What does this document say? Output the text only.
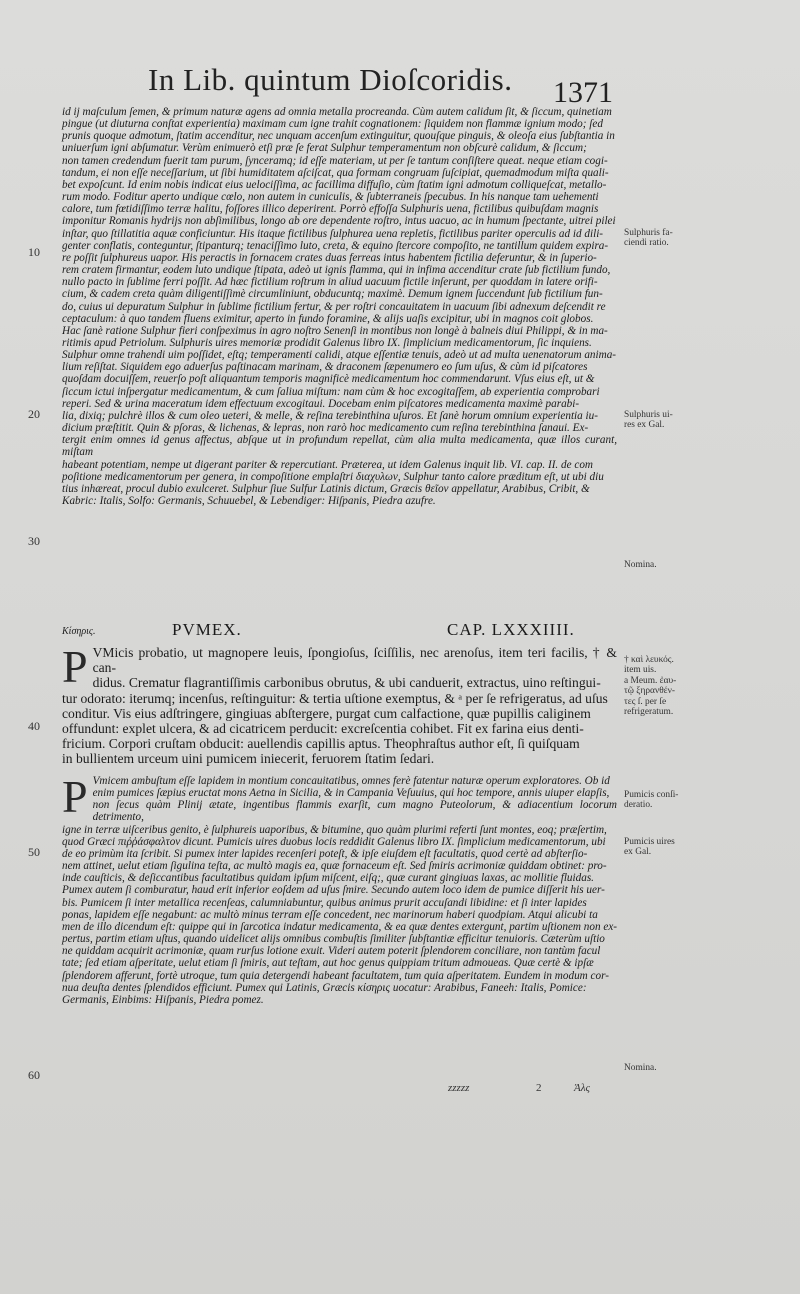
In Lib. quintum Dioſcoridis. 1371
10
20
30
40
50
60

id ij maſculum ſemen, & primum naturæ agens ad omnia metalla procreanda. Cùm autem calidum ſit, & ſiccum, quinetiam

pingue (ut diuturna conſtat experientia) maximam cum igne trahit cognationem: ſiquidem non flammæ ignium modo; ſed

prunis quoque admotum, ſtatim accenditur, nec unquam accenſum extinguitur, quouſque pinguis, & oleoſa eius ſubſtantia in

uniuerſum igni abſumatur. Verùm enimuerò etſi præ ſe ferat Sulphur temperamentum non obſcurè calidum, & ſiccum;

non tamen credendum fuerit tam purum, ſynceramq; id eſſe materiam, ut per ſe tantum conſiſtere queat. neque etiam cogi-

tandum, ei non eſſe neceſſarium, ut ſibi humiditatem aſciſcat, qua formam congruam ſuſcipiat, quemadmodum miſta quali-

bet expoſcunt. Id enim nobis indicat eius uelociſſima, ac facillima diffuſio, cùm ſtatim igni admotum colliqueſcat, metallo-

rum modo. Foditur aperto undique cœlo, non autem in cuniculis, & ſubterraneis ſpecubus. In his nanque tam uehementi

calore, tum fœtidiſſimo terræ halitu, foſſores illico deperirent. Porrò effoſſa Sulphuris uena, fictilibus quibuſdam magnis

imponitur Romanis hydrijs non abſimilibus, longo ab ore dependente roſtro, intus uacuo, ac in humum ſpectante, uitrei pilei

inſtar, quo ſtillatitia aquæ conficiuntur. His itaque fictilibus ſulphurea uena repletis, fictilibus pariter operculis ad id dili-

genter conflatis, conteguntur, ſtipanturq; tenaciſſimo luto, creta, & equino ſtercore compoſito, ne tantillum quidem expira-

re poſſit ſulphureus uapor. His peractis in fornacem crates duas ferreas intus habentem fictilia deferuntur, & in ſuperio-

rem cratem firmantur, eodem luto undique ſtipata, adeò ut ignis flamma, qui in infima accenditur crate ſub fictilium fundo,

nullo pacto in ſublime ferri poſſit. Ad hæc fictilium roſtrum in aliud uacuum fictile inſerunt, per quoddam in latere orifi-

cium, & cadem creta quàm diligentiſſimè circumliniunt, obducuntq; maximè. Demum ignem ſuccendunt ſub fictilium fun-

do, cuius ui depuratum Sulphur in ſublime fictilium fertur, & per roſtri concauitatem in uacuum ſibi adnexum deſcendit re

ceptaculum: à quo tandem fluens eximitur, aperto in fundo foramine, & alijs uaſis excipitur, ubi in magnos coit globos.

Hac ſanè ratione Sulphur fieri conſpeximus in agro noſtro Senenſi in montibus non longè à balneis diui Philippi, & in ma-

ritimis apud Petriolum. Sulphuris uires memoriæ prodidit Galenus libro IX. ſimplicium medicamentorum, ſic inquiens.

Sulphur omne trahendi uim poſſidet, eſtq; temperamenti calidi, atque eſſentiæ tenuis, adeò ut ad multa uenenatorum anima-

lium reſiſtat. Siquidem ego aduerſus paſtinacam marinam, & draconem ſæpenumero eo ſum uſus, & cùm id piſcatores

quoſdam docuiſſem, reuerſo poſt aliquantum temporis magnificè medicamentum hoc commendarunt. Vſus eius eſt, ut &

ſiccum ictui inſpergatur medicamentum, & cum ſaliua miſtum: nam cùm & hoc excogitaſſem, ab experientia comprobari

reperi. Sed & urina maceratum idem effectuum excogitaui. Docebam enim piſcatores medicamenta maximè parabi-

lia, dixiq; pulchrè illos & cum oleo ueteri, & melle, & reſina terebinthina uſuros. Et ſanè horum omnium experientia iu-

dicium præſtitit. Quin & pſoras, & lichenas, & lepras, non rarò hoc medicamento cum reſina terebinthina ſanaui. Ex-

tergit enim omnes id genus affectus, abſque ut in profundum repellat, cùm alia multa medicamenta, quæ illos curant, miſtam

habeant potentiam, nempe ut digerant pariter & repercutiant. Præterea, ut idem Galenus inquit lib. VI. cap. II. de com

poſitione medicamentorum per genera, in compoſitione emplaſtri διαχυλων, Sulphur tanto calore præditum eſt, ut ubi diu

tius inhæreat, procul dubio exulceret. Sulphur ſiue Sulfur Latinis dictum, Græcis θεῖον appellatur, Arabibus, Cribit, &

Kabric: Italis, Solfo: Germanis, Schuuebel, & Lebendiger: Hiſpanis, Piedra azufre.

Κίσηρις.	PVMEX.	CAP. LXXXIIII.
P VMicis probatio, ut magnopere leuis, ſpongioſus, ſciſſilis, nec arenoſus, item teri facilis, † & can-

didus. Crematur flagrantiſſimis carbonibus obrutus, & ubi canduerit, extractus, uino reſtingui-

tur odorato: iterumq; incenſus, reſtinguitur: & tertia uſtione exemptus, & ᵃ per ſe refrigeratus, ad uſus

conditur. Vis eius adſtringere, gingiuas abſtergere, purgat cum calfactione, quæ pupillis caliginem

offundunt: explet ulcera, & ad cicatricem perducit: excreſcentia cohibet. Fit ex farina eius denti-

fricium. Corpori cruſtam obducit: auellendis capillis aptus. Theophraſtus author eſt, ſi quiſquam

in bullientem urceum uini pumicem iniecerit, feruorem ſtatim ſedari.

P Vmicem ambuſtum eſſe lapidem in montium concauitatibus, omnes ferè fatentur naturæ operum exploratores. Ob id

enim pumices ſæpius eructat mons Aetna in Sicilia, & in Campania Veſuuius, qui hoc tempore, annis uiuper elapſis,

non ſecus quàm Plinij ætate, ingentibus flammis exarſit, cum magno Puteolorum, & adiacentium locorum detrimento,

igne in terræ uiſceribus genito, è ſulphureis uaporibus, & bitumine, quo quàm plurimi referti ſunt montes, eoq; præſertim,

quod Græci πιῤῥάσφαλτον dicunt. Pumicis uires duobus locis reddidit Galenus libro IX. ſimplicium medicamentorum, ubi

de eo primùm ita ſcribit. Si pumex inter lapides recenſeri poteſt, & ipſe eiuſdem eſt facultatis, quod certè ad abſterſio-

nem attinet, uelut etiam ſigulina teſta, ac multò magis ea, quæ fornaceum eſt. Sed ſmiris acrimoniæ quiddam obtinet: pro-

inde cauſticis, & deſiccantibus facultatibus quidam ipſum miſcent, eiſq;, quæ curant gingiuas laxas, ac mollitie fluidas.

Pumex autem ſi comburatur, haud erit inferior eoſdem ad uſus ſmire. Secundo autem loco idem de pumice diſſerit his uer-

bis. Pumicem ſi inter metallica recenſeas, calumniabuntur, quibus animus prurit accuſandi libidine: et ſi inter lapides

ponas, lapidem eſſe negabunt: ac multò minus terram eſſe concedent, nec marinorum haberi quodpiam. Atqui alicubi ta

men de illo dicendum eſt: quippe qui in ſarcotica indatur medicamenta, & ea quæ dentes extergunt, partim uſtionem non ex-

pertus, partim etiam uſtus, quando uidelicet alijs omnibus combuſtis ſimiliter ſubſtantiæ efficitur tenuioris. Cæterùm uſtio

ne quiddam acquirit acrimoniæ, quam rurſus lotione exuit. Videri autem poterit ſplendorem conciliare, non tantùm facul

tate; ſed etiam aſperitate, uelut etiam ſi ſmiris, aut teſtam, aut hoc genus quippiam tritum admoueas. Quæ certè & ipſæ

ſplendorem afferunt, fortè utroque, tum quia detergendi habeant facultatem, tum quia aſperitatem. Eundem in modum cor-

nua deuſta dentes ſplendidos efficiunt. Pumex qui Latinis, Græcis κίσηρις uocatur: Arabibus, Faneeh: Italis, Pomice:

Germanis, Einbims: Hiſpanis, Piedra pomez.

Sulphuris fa-
ciendi ratio.
Sulphuris ui-
res ex Gal.
Nomina.
† καὶ λευκός.
item uis.
a Meum. ἐαυ-
τῷ ξηρανθέν-
τες ſ. per ſe
refrigeratum.
Pumicis conſi-
deratio.
Pumicis uires
ex Gal.
Nomina.
zzzzz	2	Ἀλς
